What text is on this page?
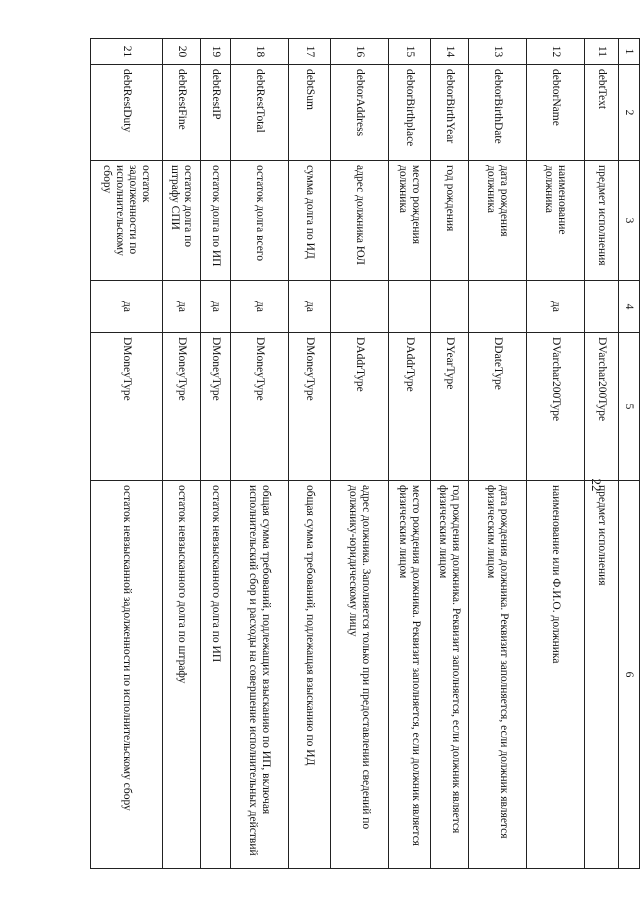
22
1	2	3	4	5	6
11	debtText	предмет исполнения		DVarchar200Type	предмет исполнения
12	debtorName	наименование должника	да	DVarchar200Type	наименование или Ф.И.О. должника
13	debtorBirthDate	дата рождения должника		DDateType	дата рождения должника. Реквизит заполняется, если должник является физическим лицом
14	debtorBirthYear	год рождения		DYearType	год рождения должника. Реквизит заполняется, если должник является физическим лицом
15	debtorBirthplace	место рождения должника		DAddrType	место рождения должника. Реквизит заполняется, если должник является физическим лицом
16	debtorAddress	адрес должника ЮЛ		DAddrType	адрес должника. Заполняется только при предоставлении сведений по должнику-юридическому лицу
17	debtSum	сумма долга по ИД	да	DMoneyType	общая сумма требований, подлежащая взысканию по ИД
18	debtRestTotal	остаток долга всего	да	DMoneyType	общая сумма требований, подлежащих взысканию по ИП, включая исполнительский сбор и расходы на совершение исполнительных действий
19	debtRestIP	остаток долга по ИП	да	DMoneyType	остаток невзысканного долга по ИП
20	debtRestFine	остаток долга по штрафу СПИ	да	DMoneyType	остаток невзысканного долга по штрафу
21	debtRestDuty	остаток задолженности по исполнительскому сбору	да	DMoneyType	остаток невзысканной задолженности по исполнительскому сбору
